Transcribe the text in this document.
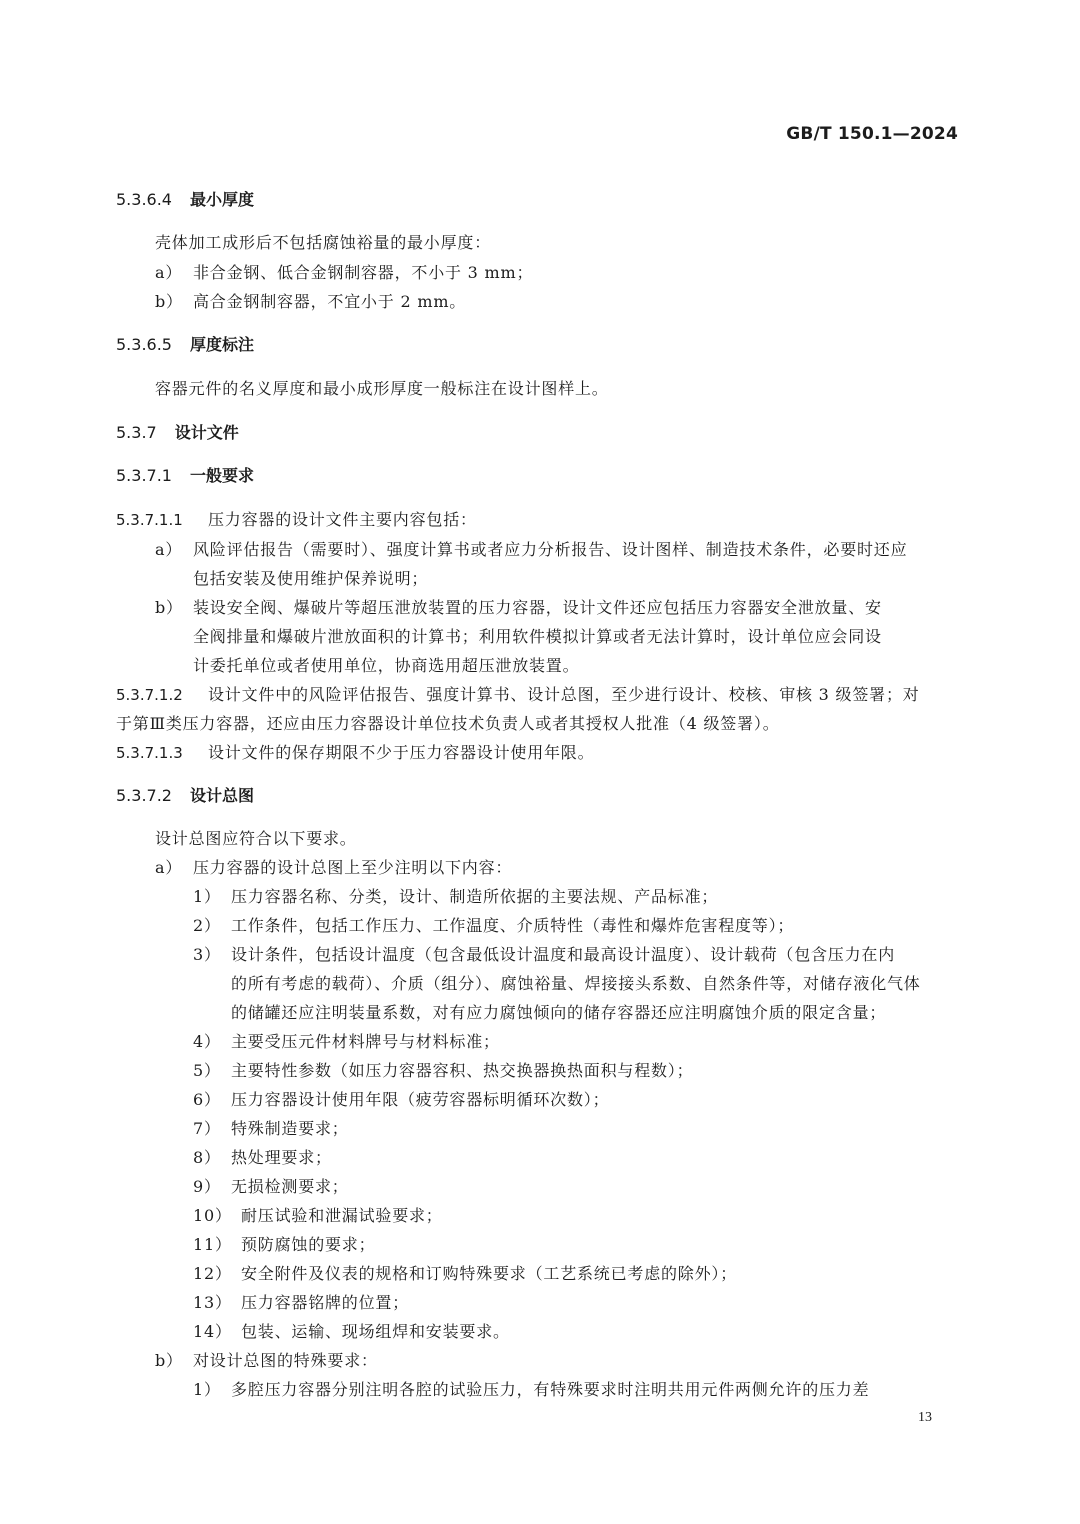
GB/T 150.1—2024
5.3.6.4 最小厚度
壳体加工成形后不包括腐蚀裕量的最小厚度：
a） 非合金钢、低合金钢制容器，不小于 3 mm；
b） 高合金钢制容器，不宜小于 2 mm。
5.3.6.5 厚度标注
容器元件的名义厚度和最小成形厚度一般标注在设计图样上。
5.3.7 设计文件
5.3.7.1 一般要求
5.3.7.1.1 压力容器的设计文件主要内容包括：
a） 风险评估报告（需要时）、强度计算书或者应力分析报告、设计图样、制造技术条件，必要时还应
包括安装及使用维护保养说明；
b） 装设安全阀、爆破片等超压泄放装置的压力容器，设计文件还应包括压力容器安全泄放量、安
全阀排量和爆破片泄放面积的计算书；利用软件模拟计算或者无法计算时，设计单位应会同设
计委托单位或者使用单位，协商选用超压泄放装置。
5.3.7.1.2 设计文件中的风险评估报告、强度计算书、设计总图，至少进行设计、校核、审核 3 级签署；对
于第Ⅲ类压力容器，还应由压力容器设计单位技术负责人或者其授权人批准（4 级签署）。
5.3.7.1.3 设计文件的保存期限不少于压力容器设计使用年限。
5.3.7.2 设计总图
设计总图应符合以下要求。
a） 压力容器的设计总图上至少注明以下内容：
1） 压力容器名称、分类，设计、制造所依据的主要法规、产品标准；
2） 工作条件，包括工作压力、工作温度、介质特性（毒性和爆炸危害程度等）；
3） 设计条件，包括设计温度（包含最低设计温度和最高设计温度）、设计载荷（包含压力在内
的所有考虑的载荷）、介质（组分）、腐蚀裕量、焊接接头系数、自然条件等，对储存液化气体
的储罐还应注明装量系数，对有应力腐蚀倾向的储存容器还应注明腐蚀介质的限定含量；
4） 主要受压元件材料牌号与材料标准；
5） 主要特性参数（如压力容器容积、热交换器换热面积与程数）；
6） 压力容器设计使用年限（疲劳容器标明循环次数）；
7） 特殊制造要求；
8） 热处理要求；
9） 无损检测要求；
10） 耐压试验和泄漏试验要求；
11） 预防腐蚀的要求；
12） 安全附件及仪表的规格和订购特殊要求（工艺系统已考虑的除外）；
13） 压力容器铭牌的位置；
14） 包装、运输、现场组焊和安装要求。
b） 对设计总图的特殊要求：
1） 多腔压力容器分别注明各腔的试验压力，有特殊要求时注明共用元件两侧允许的压力差
13
